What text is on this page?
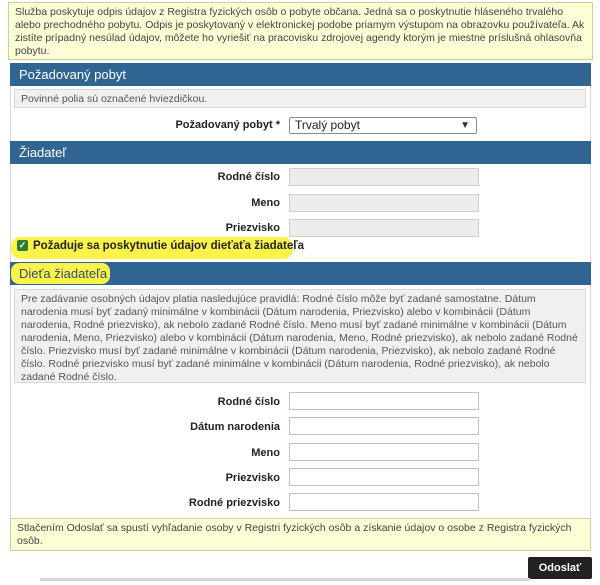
Služba poskytuje odpis údajov z Registra fyzických osôb o pobyte občana. Jedná sa o poskytnutie hláseného trvalého alebo prechodného pobytu. Odpis je poskytovaný v elektronickej podobe priamym výstupom na obrazovku používateľa. Ak zistíte prípadný nesúlad údajov, môžete ho vyriešiť na pracovisku zdrojovej agendy ktorým je miestne príslušná ohlasovňa pobytu.
Požadovaný pobyt
Povinné polia sú označené hviezdičkou.
Požadovaný pobyt *	Trvalý pobyt	▼
Žiadateľ
Rodné číslo
Meno
Priezvisko
✓ Požaduje sa poskytnutie údajov dieťaťa žiadateľa
Dieťa žiadateľa
Pre zadávanie osobných údajov platia nasledujúce pravidlá: Rodné číslo môže byť zadané samostatne. Dátum narodenia musí byť zadaný minimálne v kombinácii (Dátum narodenia, Priezvisko) alebo v kombinácii (Dátum narodenia, Rodné priezvisko), ak nebolo zadané Rodné číslo. Meno musí byť zadané minimálne v kombinácii (Dátum narodenia, Meno, Priezvisko) alebo v kombinácii (Dátum narodenia, Meno, Rodné priezvisko), ak nebolo zadané Rodné číslo. Priezvisko musí byť zadané minimálne v kombinácii (Dátum narodenia, Priezvisko), ak nebolo zadané Rodné číslo. Rodné priezvisko musí byť zadané minimálne v kombinácii (Dátum narodenia, Rodné priezvisko), ak nebolo zadané Rodné číslo.
Rodné číslo
Dátum narodenia
Meno
Priezvisko
Rodné priezvisko
Stlačením Odoslať sa spustí vyhľadanie osoby v Registri fyzických osôb a získanie údajov o osobe z Registra fyzických osôb.
Odoslať
